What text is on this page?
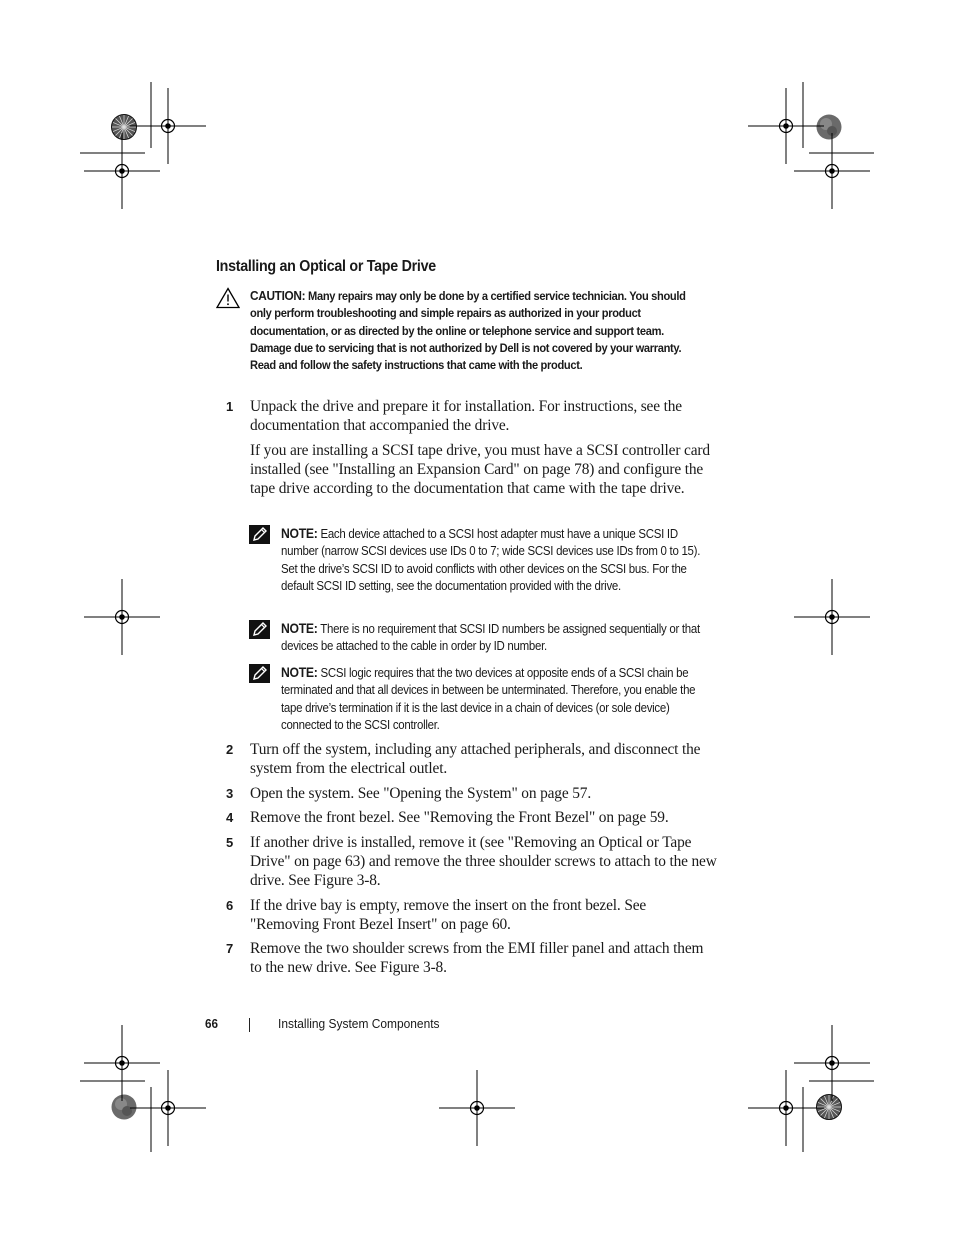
Installing an Optical or Tape Drive
CAUTION: Many repairs may only be done by a certified service technician. You should only perform troubleshooting and simple repairs as authorized in your product documentation, or as directed by the online or telephone service and support team. Damage due to servicing that is not authorized by Dell is not covered by your warranty. Read and follow the safety instructions that came with the product.
1	Unpack the drive and prepare it for installation. For instructions, see the documentation that accompanied the drive.
If you are installing a SCSI tape drive, you must have a SCSI controller card installed (see "Installing an Expansion Card" on page 78) and configure the tape drive according to the documentation that came with the tape drive.
NOTE: Each device attached to a SCSI host adapter must have a unique SCSI ID number (narrow SCSI devices use IDs 0 to 7; wide SCSI devices use IDs from 0 to 15). Set the drive’s SCSI ID to avoid conflicts with other devices on the SCSI bus. For the default SCSI ID setting, see the documentation provided with the drive.
NOTE: There is no requirement that SCSI ID numbers be assigned sequentially or that devices be attached to the cable in order by ID number.
NOTE: SCSI logic requires that the two devices at opposite ends of a SCSI chain be terminated and that all devices in between be unterminated. Therefore, you enable the tape drive’s termination if it is the last device in a chain of devices (or sole device) connected to the SCSI controller.
2	Turn off the system, including any attached peripherals, and disconnect the system from the electrical outlet.
3	Open the system. See "Opening the System" on page 57.
4	Remove the front bezel. See "Removing the Front Bezel" on page 59.
5	If another drive is installed, remove it (see "Removing an Optical or Tape Drive" on page 63) and remove the three shoulder screws to attach to the new drive. See Figure 3-8.
6	If the drive bay is empty, remove the insert on the front bezel. See "Removing Front Bezel Insert" on page 60.
7	Remove the two shoulder screws from the EMI filler panel and attach them to the new drive. See Figure 3-8.
66	Installing System Components
